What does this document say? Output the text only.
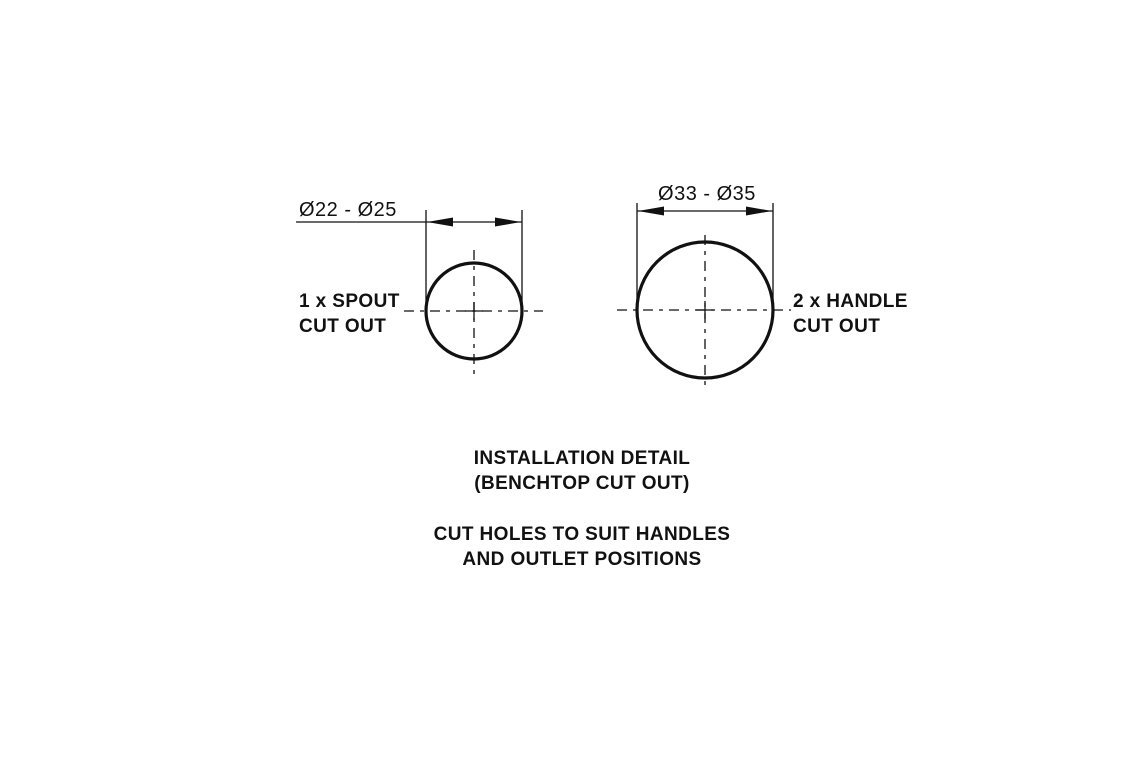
Ø22 - Ø25
1 x SPOUT
CUT OUT
Ø33 - Ø35
2 x HANDLE
CUT OUT
INSTALLATION DETAIL
(BENCHTOP CUT OUT)
CUT HOLES TO SUIT HANDLES
AND OUTLET POSITIONS
